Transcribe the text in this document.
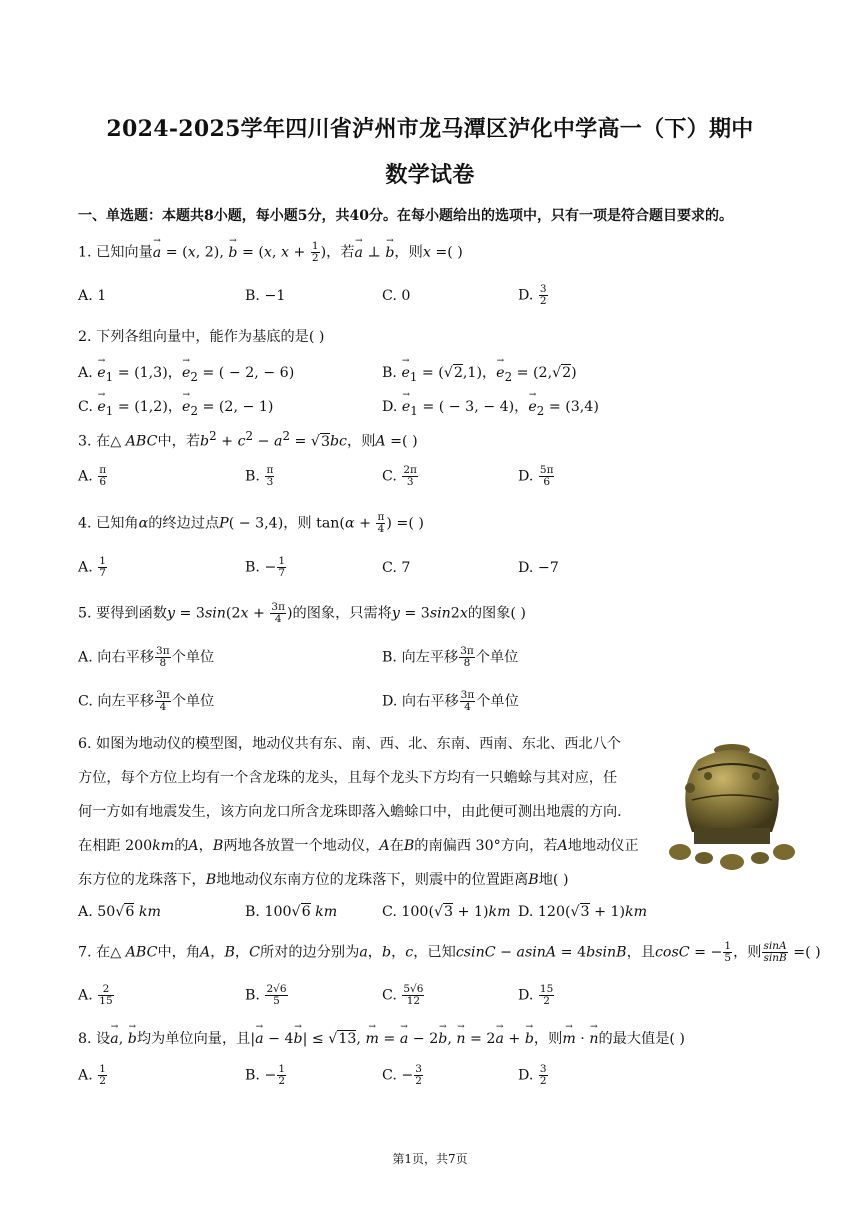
2024-2025学年四川省泸州市龙马潭区泸化中学高一（下）期中
数学试卷
一、单选题：本题共8小题，每小题5分，共40分。在每小题给出的选项中，只有一项是符合题目要求的。
1. 已知向量→ a = (x, 2), → b = (x, $x + \frac{1}{2}$ )，若→ a ⊥ → b，则x =( )
A. 1	B. −1	C. 0	D. $\frac{3}{2}$
2. 下列各组向量中，能作为基底的是( )
A. → $e_1 = (1,3)$，→ $e_2$ = ( − 2, − 6)	B. → $e_1 = (√2,1)$，→ $e_2 = (2,√2)$
C. → $e_1 = (1,2)$，→ $e_2 = (2$, − 1)	D. → $e_1$ = ( − 3, − 4)，→ $e_2 = (3,4)$
3. 在△ ABC中，若$b^2 + c^2 - a^2 = √3bc$，则A =( )
A. $\frac{\pi}{6}$	B. $\frac{\pi}{3}$	C. $\frac{2\pi}{3}$	D. $\frac{5\pi}{6}$
4. 已知角α的终边过点P( − 3,4)，则 $\tan(\alpha + \frac{\pi}{4}$ ) =( )
A. $\frac{1}{7}$	B. − $\frac{1}{7}$	C. 7	D. −7
5. 要得到函数$y = 3\sin(2x + \frac{3\pi}{4}$ )的图象，只需将y = 3sin2x的图象( )
A. 向右平移 $\frac{3\pi}{8}$ 个单位	B. 向左平移 $\frac{3\pi}{8}$ 个单位
C. 向左平移 $\frac{3\pi}{4}$ 个单位	D. 向右平移 $\frac{3\pi}{4}$ 个单位
6. 如图为地动仪的模型图，地动仪共有东、南、西、北、东南、西南、东北、西北八个
方位，每个方位上均有一个含龙珠的龙头，且每个龙头下方均有一只蟾蜍与其对应，任
何一方如有地震发生，该方向龙口所含龙珠即落入蟾蜍口中，由此便可测出地震的方向.
在相距 200km的A，B两地各放置一个地动仪，A在B的南偏西 30°方向，若A地地动仪正
东方位的龙珠落下，B地地动仪东南方位的龙珠落下，则震中的位置距离B地( )
A. 50√6 km	B. 100√6 km	C. 100(√3 + 1)km D. 120(√3 + 1)km
7. 在△ ABC中，角A，B，C所对的边分别为a，b，c，已知csinC − asinA = 4bsinB，且cosC = − $\frac{1}{5}$ ，则 $\frac{\sin A}{\sin B}$ =( )
A. $\frac{2}{15}$	B. $\frac{2√6}{5}$	C. $\frac{5√6}{12}$	D. $\frac{15}{2}$
8. 设→ a, → b均为单位向量，且|→ a − 4→ b| ≤ √13, → m = → a − 2→ b, → n = 2→ a + → b，则→ m · → n的最大值是( )
A. $\frac{1}{2}$	B. − $\frac{1}{2}$	C. − $\frac{3}{2}$	D. $\frac{3}{2}$
第1页，共7页
